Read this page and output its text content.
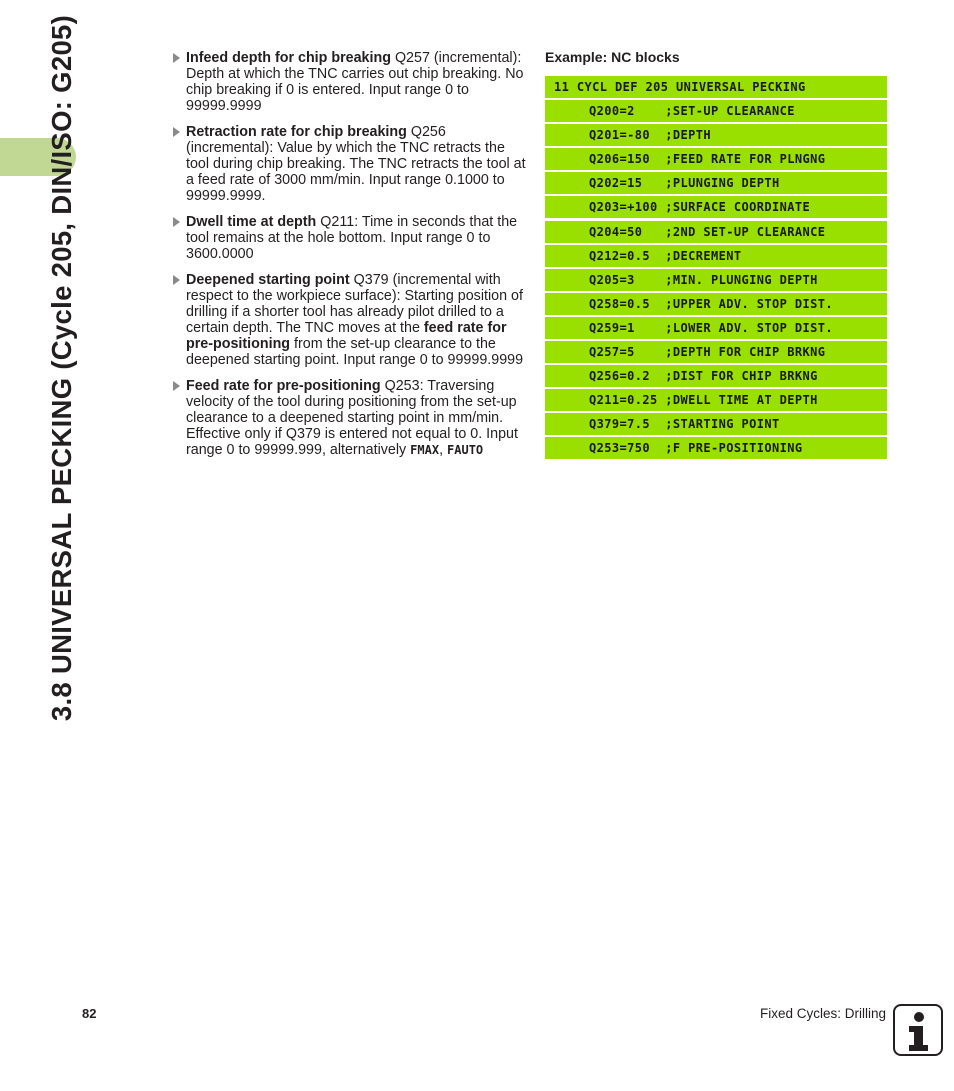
3.8 UNIVERSAL PECKING (Cycle 205, DIN/ISO: G205)	Infeed depth for chip breaking Q257 (incremental): Depth at which the TNC carries out chip breaking. No chip breaking if 0 is entered. Input range 0 to 99999.9999
Retraction rate for chip breaking Q256 (incremental): Value by which the TNC retracts the tool during chip breaking. The TNC retracts the tool at a feed rate of 3000 mm/min. Input range 0.1000 to 99999.9999.
Dwell time at depth Q211: Time in seconds that the tool remains at the hole bottom. Input range 0 to 3600.0000
Deepened starting point Q379 (incremental with respect to the workpiece surface): Starting position of drilling if a shorter tool has already pilot drilled to a certain depth. The TNC moves at the feed rate for pre-positioning from the set-up clearance to the deepened starting point. Input range 0 to 99999.9999
Feed rate for pre-positioning Q253: Traversing velocity of the tool during positioning from the set-up clearance to a deepened starting point in mm/min. Effective only if Q379 is entered not equal to 0. Input range 0 to 99999.999, alternatively FMAX, FAUTO
Example: NC blocks
11 CYCL DEF 205 UNIVERSAL PECKING
Q200=2    ;SET-UP CLEARANCE
Q201=-80  ;DEPTH
Q206=150  ;FEED RATE FOR PLNGNG
Q202=15   ;PLUNGING DEPTH
Q203=+100 ;SURFACE COORDINATE
Q204=50   ;2ND SET-UP CLEARANCE
Q212=0.5  ;DECREMENT
Q205=3    ;MIN. PLUNGING DEPTH
Q258=0.5  ;UPPER ADV. STOP DIST.
Q259=1    ;LOWER ADV. STOP DIST.
Q257=5    ;DEPTH FOR CHIP BRKNG
Q256=0.2  ;DIST FOR CHIP BRKNG
Q211=0.25 ;DWELL TIME AT DEPTH
Q379=7.5  ;STARTING POINT
Q253=750  ;F PRE-POSITIONING
82	Fixed Cycles: Drilling
